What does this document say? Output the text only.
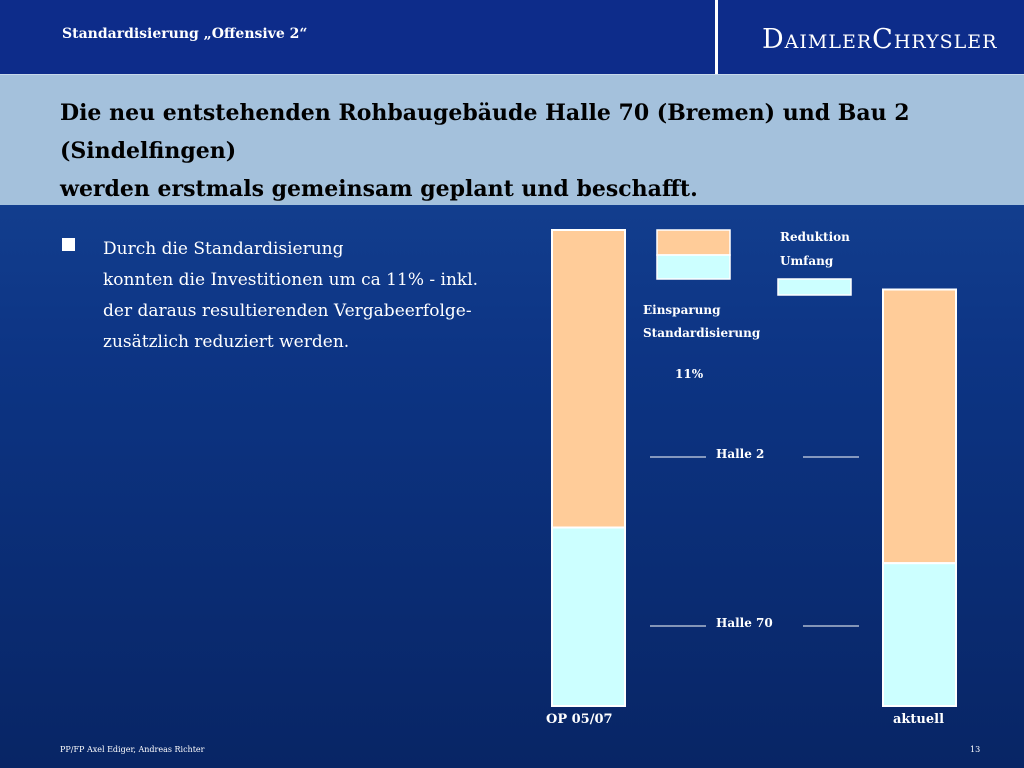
Standardisierung „Offensive 2“	DAIMLERCHRYSLER
Die neu entstehenden Rohbaugebäude Halle 70 (Bremen) und Bau 2 (Sindelfingen)
werden erstmals gemeinsam geplant und beschafft.
Durch die Standardisierung
konnten die Investitionen um ca 11% - inkl.
der daraus resultierenden Vergabeerfolge-
zusätzlich reduziert werden.
Reduktion
Umfang
Einsparung
Standardisierung
11%
Halle 2
Halle 70
OP 05/07	aktuell
PP/FP Axel Ediger, Andreas Richter	13
